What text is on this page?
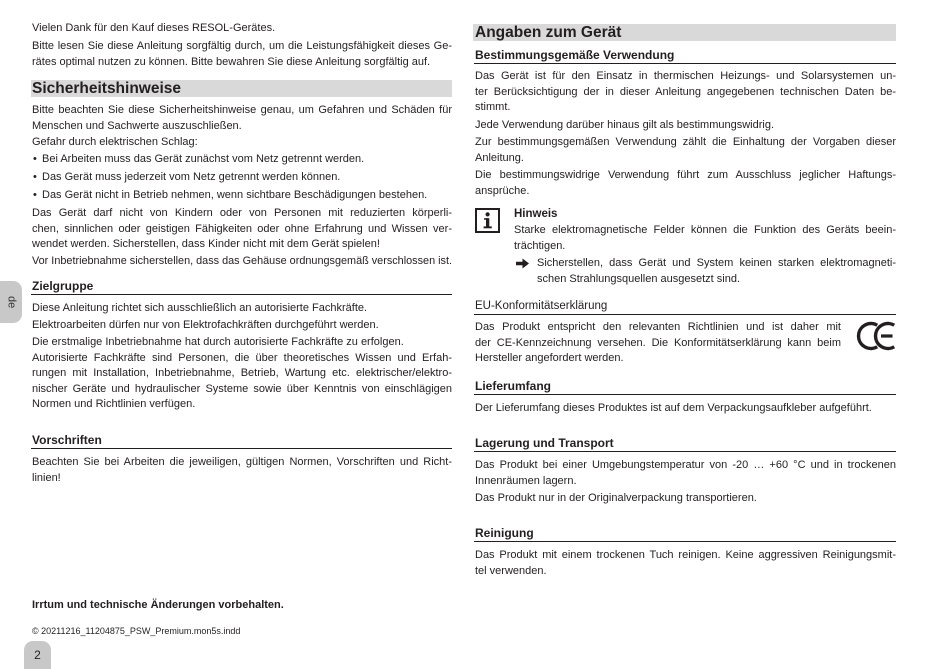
de
2
Vielen Dank für den Kauf dieses RESOL-Gerätes.
Bitte lesen Sie diese Anleitung sorgfältig durch, um die Leistungsfähigkeit dieses Ge-
rätes optimal nutzen zu können. Bitte bewahren Sie diese Anleitung sorgfältig auf.
Sicherheitshinweise
Bitte beachten Sie diese Sicherheitshinweise genau, um Gefahren und Schäden für
Menschen und Sachwerte auszuschließen.
Gefahr durch elektrischen Schlag:
•
Bei Arbeiten muss das Gerät zunächst vom Netz getrennt werden.
•
Das Gerät muss jederzeit vom Netz getrennt werden können.
•
Das Gerät nicht in Betrieb nehmen, wenn sichtbare Beschädigungen bestehen.
Das Gerät darf nicht von Kindern oder von Personen mit reduzierten körperli-
chen, sinnlichen oder geistigen Fähigkeiten oder ohne Erfahrung und Wissen ver-
wendet werden. Sicherstellen, dass Kinder nicht mit dem Gerät spielen!
Vor Inbetriebnahme sicherstellen, dass das Gehäuse ordnungsgemäß verschlossen ist.
Zielgruppe
Diese Anleitung richtet sich ausschließlich an autorisierte Fachkräfte.
Elektroarbeiten dürfen nur von Elektrofachkräften durchgeführt werden.
Die erstmalige Inbetriebnahme hat durch autorisierte Fachkräfte zu erfolgen.
Autorisierte Fachkräfte sind Personen, die über theoretisches Wissen und Erfah-
rungen mit Installation, Inbetriebnahme, Betrieb, Wartung etc. elektrischer/elektro-
nischer Geräte und hydraulischer Systeme sowie über Kenntnis von einschlägigen
Normen und Richtlinien verfügen.
Vorschriften
Beachten Sie bei Arbeiten die jeweiligen, gültigen Normen, Vorschriften und Richt-
linien!
Irrtum und technische Änderungen vorbehalten.
© 20211216_11204875_PSW_Premium.mon5s.indd
Angaben zum Gerät
Bestimmungsgemäße Verwendung
Das Gerät ist für den Einsatz in thermischen Heizungs- und Solarsystemen un-
ter Berücksichtigung der in dieser Anleitung angegebenen technischen Daten be-
stimmt.
Jede Verwendung darüber hinaus gilt als bestimmungswidrig.
Zur bestimmungsgemäßen Verwendung zählt die Einhaltung der Vorgaben dieser
Anleitung.
Die bestimmungswidrige Verwendung führt zum Ausschluss jeglicher Haftungs-
ansprüche.
Hinweis
Starke elektromagnetische Felder können die Funktion des Geräts beein-
trächtigen.
Sicherstellen, dass Gerät und System keinen starken elektromagneti-
schen Strahlungsquellen ausgesetzt sind.
EU-Konformitätserklärung
Das Produkt entspricht den relevanten Richtlinien und ist daher mit
der CE-Kennzeichnung versehen. Die Konformitätserklärung kann beim
Hersteller angefordert werden.
Lieferumfang
Der Lieferumfang dieses Produktes ist auf dem Verpackungsaufkleber aufgeführt.
Lagerung und Transport
Das Produkt bei einer Umgebungstemperatur von -20 … +60 °C und in trockenen
Innenräumen lagern.
Das Produkt nur in der Originalverpackung transportieren.
Reinigung
Das Produkt mit einem trockenen Tuch reinigen. Keine aggressiven Reinigungsmit-
tel verwenden.
